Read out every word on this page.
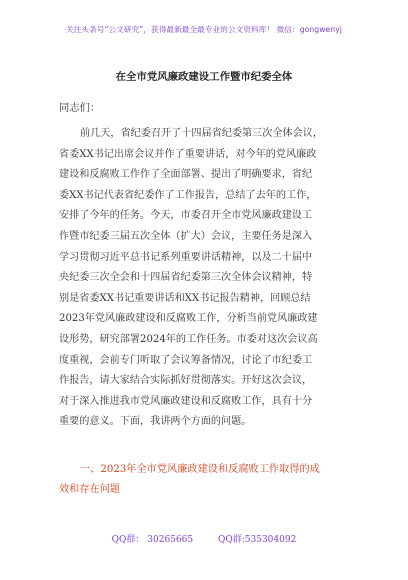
关注头条号“公文研究”，获得最新最全最专业的公文资料库！ 微信：gongwenyj
在全市党风廉政建设工作暨市纪委全体
同志们：
前几天，省纪委召开了十四届省纪委第三次全体会议，
省委XX书记出席会议并作了重要讲话，对今年的党风廉政
建设和反腐败工作作了全面部署、提出了明确要求，省纪
委XX书记代表省纪委作了工作报告，总结了去年的工作，
安排了今年的任务。今天，市委召开全市党风廉政建设工
作暨市纪委三届五次全体（扩大）会议，主要任务是深入
学习贯彻习近平总书记系列重要讲话精神，以及二十届中
央纪委三次全会和十四届省纪委第三次全体会议精神，特
别是省委XX书记重要讲话和XX书记报告精神，回顾总结
2023年党风廉政建设和反腐败工作，分析当前党风廉政建
设形势，研究部署2024年的工作任务。市委对这次会议高
度重视，会前专门听取了会议筹备情况，讨论了市纪委工
作报告，请大家结合实际抓好贯彻落实。开好这次会议，
对于深入推进我市党风廉政建设和反腐败工作，具有十分
重要的意义。下面，我讲两个方面的问题。
一、2023年全市党风廉政建设和反腐败工作取得的成
效和存在问题
QQ群： 30265665	QQ群:535304092
